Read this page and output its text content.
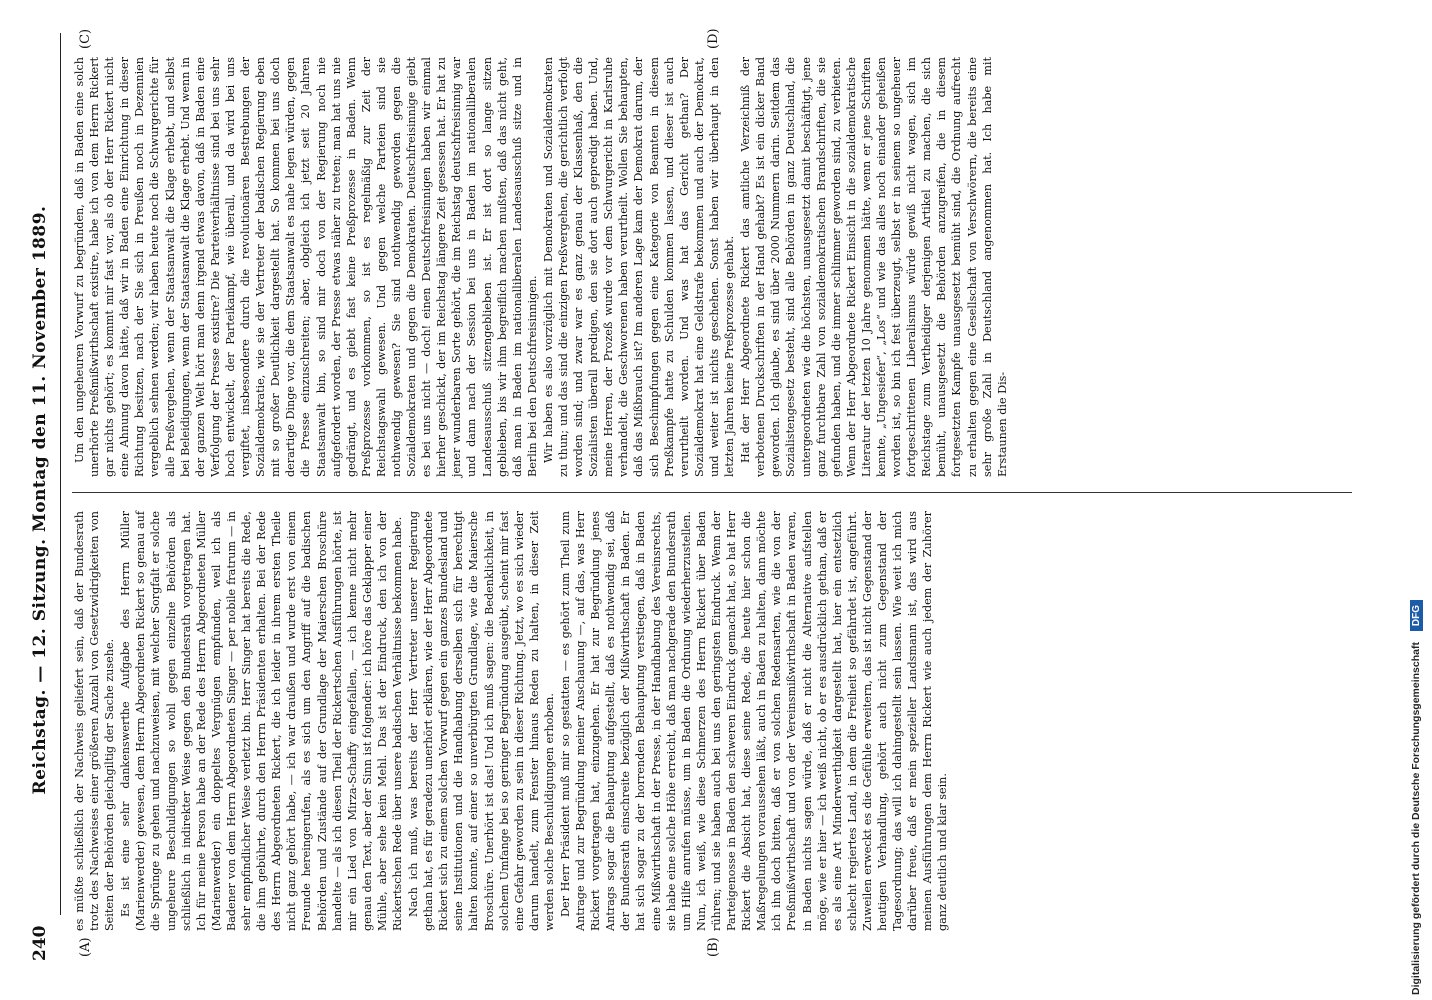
240
Reichstag. — 12. Sitzung. Montag den 11. November 1889.
(A)	(B)
(C)	(D)

es müßte schließlich der Nachweis geliefert sein, daß der Bundesrath trotz des Nachweises einer größeren Anzahl von Gesetzwidrigkeiten von Seiten der Behörden gleichgiltig der Sache zusehe. Es ist eine sehr dankenswerthe Aufgabe des Herrn Müller (Marienwerder) gewesen, dem Herrn Abgeordneten Rickert so genau auf die Sprünge zu gehen und nachzuweisen, mit welcher Sorgfalt er solche ungeheure Beschuldigungen so wohl gegen einzelne Behörden als schließlich in indirekter Weise gegen den Bundesrath vorgetragen hat. Ich für meine Person habe an der Rede des Herrn Abgeordneten Müller (Marienwerder) ein doppeltes Vergnügen empfunden, weil ich als Badener von dem Herrn Abgeordneten Singer — per nobile fratrum — in sehr empfindlicher Weise verletzt bin. Herr Singer hat bereits die Rede, die ihm gebührte, durch den Herrn Präsidenten erhalten. Bei der Rede des Herrn Abgeordneten Rickert, die ich leider in ihrem ersten Theile nicht ganz gehört habe, — ich war draußen und wurde erst von einem Freunde hereingerufen, als es sich um den Angriff auf die badischen Behörden und Zustände auf der Grundlage der Maierschen Broschüre handelte — als ich diesen Theil der Rickertschen Ausführungen hörte, ist mir ein Lied von Mirza-Schaffy eingefallen, — ich kenne nicht mehr genau den Text, aber der Sinn ist folgender: ich höre das Geklapper einer Mühle, aber sehe kein Mehl. Das ist der Eindruck, den ich von der Rickertschen Rede über unsere badischen Verhältnisse bekommen habe. Nach ich muß, was bereits der Herr Vertreter unserer Regierung gethan hat, es für geradezu unerhört erklären, wie der Herr Abgeordnete Rickert sich zu einem solchen Vorwurf gegen ein ganzes Bundesland und seine Institutionen und die Handhabung derselben sich für berechtigt halten konnte, auf einer so unverbürgten Grundlage, wie die Maiersche Broschüre. Unerhört ist das! Und ich muß sagen: die Bedenklichkeit, in solchem Umfange bei so geringer Begründung ausgeübt, scheint mir fast eine Gefahr geworden zu sein in dieser Richtung. Jetzt, wo es sich wieder darum handelt, zum Fenster hinaus Reden zu halten, in dieser Zeit werden solche Beschuldigungen erhoben. Der Herr Präsident muß mir so gestatten — es gehört zum Theil zum Antrage und zur Begründung meiner Anschauung —, auf das, was Herr Rickert vorgetragen hat, einzugehen. Er hat zur Begründung jenes Antrags sogar die Behauptung aufgestellt, daß es nothwendig sei, daß der Bundesrath einschreite bezüglich der Mißwirthschaft in Baden. Er hat sich sogar zu der horrenden Behauptung verstiegen, daß in Baden eine Mißwirthschaft in der Presse, in der Handhabung des Vereinsrechts, sie habe eine solche Höhe erreicht, daß man nachgerade den Bundesrath um Hilfe anrufen müsse, um in Baden die Ordnung wiederherzustellen. Nun, ich weiß, wie diese Schmerzen des Herrn Rickert über Baden rühren; und sie haben auch bei uns den geringsten Eindruck. Wenn der Parteigenosse in Baden den schweren Eindruck gemacht hat, so hat Herr Rickert die Absicht hat, diese seine Rede, die heute hier schon die Maßregelungen voraussehen läßt, auch in Baden zu halten, dann möchte ich ihn doch bitten, daß er von solchen Redensarten, wie die von der Preßmißwirthschaft und von der Vereinsmißwirthschaft in Baden waren, in Baden nichts sagen würde, daß er nicht die Alternative aufstellen möge, wie er hier — ich weiß nicht, ob er es ausdrücklich gethan, daß er es als eine Art Minderwerthigkeit dargestellt hat, hier ein entsetzlich schlecht regiertes Land, in dem die Freiheit so gefährdet ist, angeführt. Zuweilen erweckt es die Gefühle erweitern, das ist nicht Gegenstand der heutigen Verhandlung, gehört auch nicht zum Gegenstand der Tagesordnung; das will ich dahingestellt sein lassen. Wie weit ich mich darüber freue, daß er mein spezieller Landsmann ist, das wird aus meinen Ausführungen dem Herrn Rickert wie auch jedem der Zuhörer ganz deutlich und klar sein.

Um den ungeheuren Vorwurf zu begründen, daß in Baden eine solch unerhörte Preßmißwirthschaft existire, habe ich von dem Herrn Rickert gar nichts gehört; es kommt mir fast vor, als ob der Herr Rickert nicht eine Ahnung davon hätte, daß wir in Baden eine Einrichtung in dieser Richtung besitzen, nach der Sie sich in Preußen noch in Dezennien vergeblich sehnen werden; wir haben heute noch die Schwurgerichte für alle Preßvergehen, wenn der Staatsanwalt die Klage erhebt, und selbst bei Beleidigungen, wenn der Staatsanwalt die Klage erhebt. Und wenn in der ganzen Welt hört man denn irgend etwas davon, daß in Baden eine Verfolgung der Presse existire? Die Parteiverhältnisse sind bei uns sehr hoch entwickelt, der Parteikampf, wie überall, und da wird bei uns vergiftet, insbesondere durch die revolutionären Bestrebungen der Sozialdemokratie, wie sie der Vertreter der badischen Regierung eben mit so großer Deutlichkeit dargestellt hat. So kommen bei uns doch derartige Dinge vor, die dem Staatsanwalt es nahe legen würden, gegen die Presse einzuschreiten; aber, obgleich ich jetzt seit 20 Jahren Staatsanwalt bin, so sind mir doch von der Regierung noch nie aufgefordert worden, der Presse etwas näher zu treten; man hat uns nie gedrängt, und es giebt fast keine Preßprozesse in Baden. Wenn Preßprozesse vorkommen, so ist es regelmäßig zur Zeit der Reichstagswahl gewesen. Und gegen welche Parteien sind sie nothwendig gewesen? Sie sind nothwendig geworden gegen die Sozialdemokraten und gegen die Demokraten. Deutschfreisinnige giebt es bei uns nicht — doch! einen Deutschfreisinnigen haben wir einmal hierher geschickt, der im Reichstag längere Zeit gesessen hat. Er hat zu jener wunderbaren Sorte gehört, die im Reichstag deutschfreisinnig war und dann nach der Session bei uns in Baden im nationalliberalen Landesausschuß sitzengeblieben ist. Er ist dort so lange sitzen geblieben, bis wir ihm begreiflich machen mußten, daß das nicht geht, daß man in Baden im nationalliberalen Landesausschuß sitze und in Berlin bei den Deutschfreisinnigen. Wir haben es also vorzüglich mit Demokraten und Sozialdemokraten zu thun; und das sind die einzigen Preßvergehen, die gerichtlich verfolgt worden sind; und zwar war es ganz genau der Klassenhaß, den die Sozialisten überall predigen, den sie dort auch gepredigt haben. Und, meine Herren, der Prozeß wurde vor dem Schwurgericht in Karlsruhe verhandelt, die Geschworenen haben verurtheilt. Wollen Sie behaupten, daß das Mißbrauch ist? Im anderen Lage kam der Demokrat darum, der sich Beschimpfungen gegen eine Kategorie von Beamten in diesem Preßkampfe hatte zu Schulden kommen lassen, und dieser ist auch verurtheilt worden. Und was hat das Gericht gethan? Der Sozialdemokrat hat eine Geldstrafe bekommen und auch der Demokrat, und weiter ist nichts geschehen. Sonst haben wir überhaupt in den letzten Jahren keine Preßprozesse gehabt. Hat der Herr Abgeordnete Rickert das amtliche Verzeichniß der verbotenen Druckschriften in der Hand gehabt? Es ist ein dicker Band geworden. Ich glaube, es sind über 2000 Nummern darin. Seitdem das Sozialistengesetz besteht, sind alle Behörden in ganz Deutschland, die untergeordneten wie die höchsten, unausgesetzt damit beschäftigt, jene ganz furchtbare Zahl von sozialdemokratischen Brandschriften, die sie gefunden haben, und die immer schlimmer geworden sind, zu verbieten. Wenn der Herr Abgeordnete Rickert Einsicht in die sozialdemokratische Literatur der letzten 10 Jahre genommen hätte, wenn er jene Schriften kennte, „Ungesiefer“, „Los“ und wie das alles noch einander geheißen worden ist, so bin ich fest überzeugt, selbst er in seinem so ungeheuer fortgeschrittenen Liberalismus würde gewiß nicht wagen, sich im Reichstage zum Vertheidiger derjenigen Artikel zu machen, die sich bemüht, unausgesetzt die Behörden anzugreifen, die in diesem fortgesetzten Kampfe unausgesetzt bemüht sind, die Ordnung aufrecht zu erhalten gegen eine Gesellschaft von Verschwörern, die bereits eine sehr große Zahl in Deutschland angenommen hat. Ich habe mit Erstaunen die Dis-

Digitalisierung gefördert durch die Deutsche Forschungsgemeinschaft DFG
